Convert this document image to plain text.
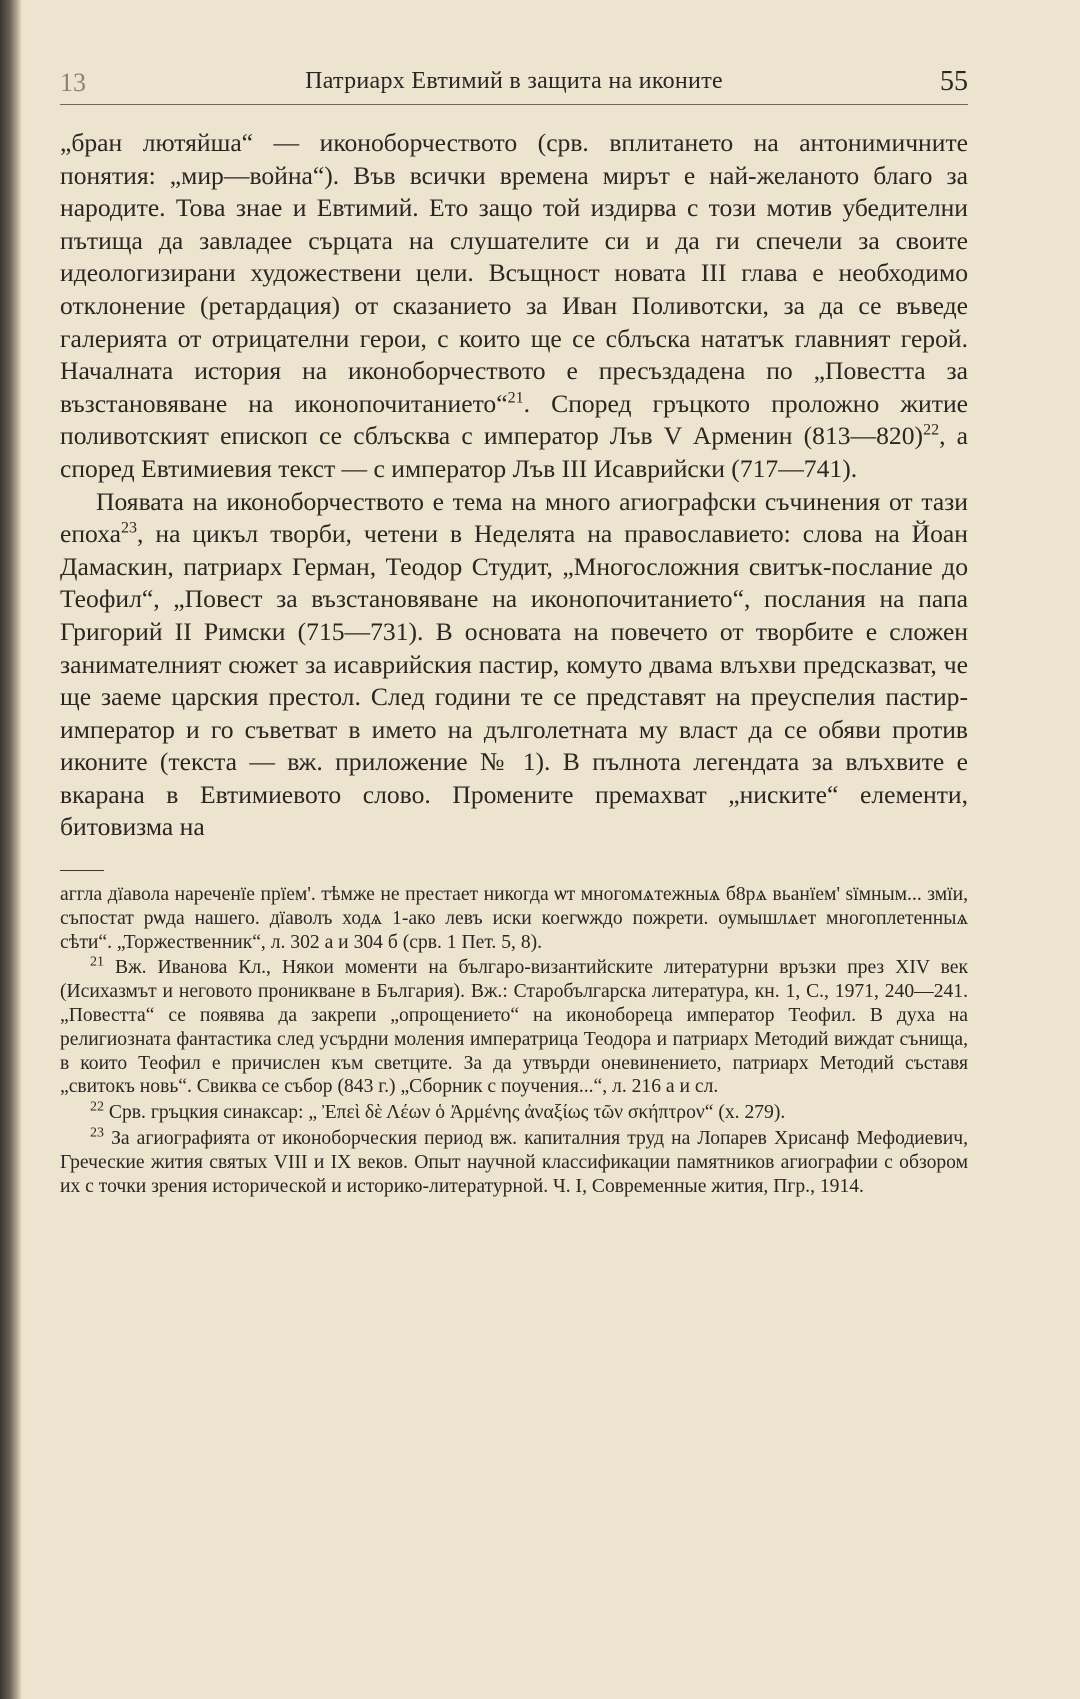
13	Патриарх Евтимий в защита на иконите	55

„бран лютяйша“ — иконоборчеството (срв. вплитането на антонимичните понятия: „мир—война“). Във всички времена мирът е най-желаното благо за народите. Това знае и Евтимий. Ето защо той издирва с този мотив убедителни пътища да завладее сърцата на слушателите си и да ги спечели за своите идеологизирани художествени цели. Всъщност новата III глава е необходимо отклонение (ретардация) от сказанието за Иван Поливотски, за да се въведе галерията от отрицателни герои, с които ще се сблъска нататък главният герой. Началната история на иконоборчеството е пресъздадена по „Повестта за възстановяване на иконопочитанието“$^{21}$. Според гръцкото проложно житие поливотският епископ се сблъсква с император Лъв V Арменин (813—820)$^{22}$, а според Евтимиевия текст — с император Лъв III Исаврийски (717—741).

Появата на иконоборчеството е тема на много агиографски съчинения от тази епоха$^{23}$, на цикъл творби, четени в Неделята на православието: слова на Йоан Дамаскин, патриарх Герман, Теодор Студит, „Многосложния свитък-послание до Теофил“, „Повест за възстановяване на иконопочитанието“, послания на папа Григорий II Римски (715—731). В основата на повечето от творбите е сложен занимателният сюжет за исаврийския пастир, комуто двама влъхви предсказват, че ще заеме царския престол. След години те се представят на преуспелия пастир-император и го съветват в името на дълголетната му власт да се обяви против иконите (текста — вж. приложение № 1). В пълнота легендата за влъхвите е вкарана в Евтимиевото слово. Промените премахват „ниските“ елементи, битовизма на

аггла дїавола нареченїе прїем'. тѣмже не престает никогда ѡт многомѧтежныѧ б8рѧ вьанїем' ѕїмным... змїи, съпостат рѡда нашего. дїаволъ ходѧ 1-ако левъ иски коегѡждо пожрети. оумышлѧет многоплетенныѧ сѣти“. „Торжественник“, л. 302 а и 304 б (срв. 1 Пет. 5, 8).

$^{21}$ Вж. Иванова Кл., Някои моменти на българо-византийските литературни връзки през XIV век (Исихазмът и неговото проникване в България). Вж.: Старобългарска литература, кн. 1, С., 1971, 240—241. „Повестта“ се появява да закрепи „опрощението“ на иконобореца император Теофил. В духа на религиозната фантастика след усърдни моления императрица Теодора и патриарх Методий виждат сънища, в които Теофил е причислен към светците. За да утвърди оневинението, патриарх Методий съставя „свитокъ новь“. Свиква се събор (843 г.) „Сборник с поучения...“, л. 216 а и сл.

$^{22}$ Срв. гръцкия синаксар: „ Ἐπεὶ δὲ Λέων ὁ Ἀρμένης ἀναξίως τῶν σκήπτρον“ (х. 279).

$^{23}$ За агиографията от иконоборческия период вж. капиталния труд на Лопарев Хрисанф Мефодиевич, Греческие жития святых VIII и IX веков. Опыт научной классификации памятников агиографии с обзором их с точки зрения исторической и историко-литературной. Ч. I, Современные жития, Пгр., 1914.
